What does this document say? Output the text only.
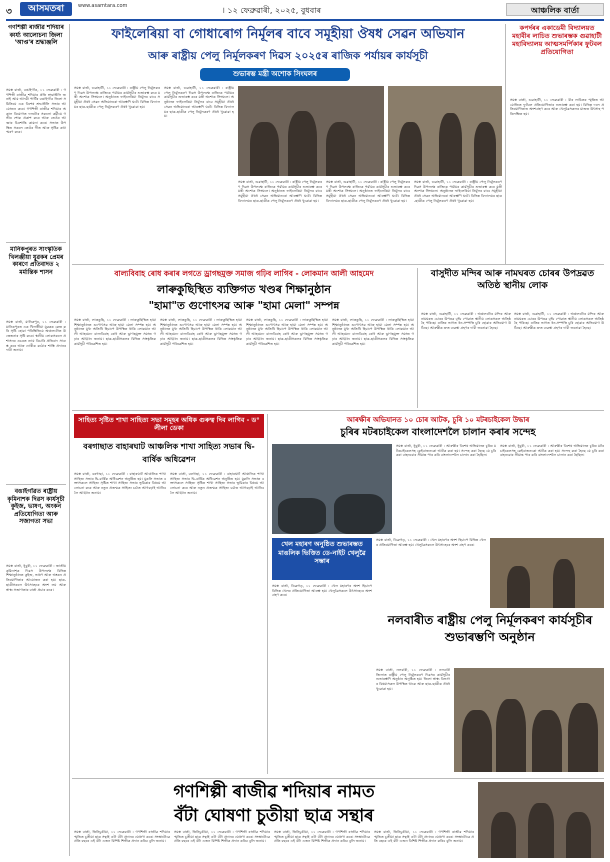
৩	আসমতৰা	www.asamtara.com	। ১২ ফেব্ৰুৱাৰী, ২০২৫, বুধবাৰ	আঞ্চলিক বাৰ্তা
গণশিল্পী ৰাজীৱ শদিয়াৰ কাৰ্য্য আলোচনা জিলা 'আপ্ত'ৰ শ্ৰদ্ধাঞ্জলি
সমস্ত বাৰ্তা, বঙাইগাঁও, ১১ ফেব্ৰুৱাৰী : গণশিল্পী ৰাজীৱ শদিয়াৰ প্ৰতি শ্ৰদ্ধাঞ্জলি জনাই আম আদমী পাৰ্টিৰ বঙাইগাঁও জিলা সমিতিয়ে এক বিশেষ শ্ৰদ্ধাঞ্জলি সভাৰ আয়োজন কৰে। গণশিল্পী ৰাজীৱ শদিয়াৰ অকাল বিয়োগত দলটোৰ সকলো কৰ্মীয়ে গভীৰ শোক প্ৰকাশ কৰে আৰু তেওঁৰ আত্মাৰ চিৰশান্তি কামনা কৰে। সভাত উপস্থিত সকলে তেওঁৰ গীত আৰু সৃষ্টিৰ কথা স্মৰণ কৰে।
মানিকপুৰত সাংস্কৃতিক খিলঞ্জীয়া যুৱকৰ প্ৰেমৰ কাৰণে প্ৰতিবাদত ২ মৰ্মান্তিক শাসন
সমস্ত বাৰ্তা, মানিকপুৰ, ১১ ফেব্ৰুৱাৰী : মানিকপুৰত এক খিলঞ্জীয়া যুৱকক কেন্দ্ৰ কৰি সৃষ্টি হোৱা পৰিস্থিতিয়ে অঞ্চলটোত উত্তেজনাৰ সৃষ্টি কৰে। স্থানীয় লোকসকলে প্ৰশাসনৰ ওচৰত ন্যায় বিচাৰি প্ৰতিবাদ সাব্যস্ত কৰে আৰু দোষীক কঠোৰ শাস্তি প্ৰদানৰ দাবী জনায়।
বঙাইগাঁৱত ৰাষ্ট্ৰীয় কৃমিনাশক দিৱস কাৰ্যসূচী কুইজ, ভাষণ, অংকন প্ৰতিযোগিতা আৰু সজাগতা সভা
সমস্ত বাৰ্তা, ধুবুৰী, ১১ ফেব্ৰুৱাৰী : জাতীয় কৃমিনাশক দিৱস উপলক্ষে বিভিন্ন শিক্ষানুষ্ঠানত কুইজ, ভাষণ আৰু অংকন প্ৰতিযোগিতাৰ আয়োজন কৰা হয়। ছাত্ৰ-ছাত্ৰীসকলে উৎসাহেৰে অংশ লয় আৰু স্বাস্থ্য সজাগতাৰ বাৰ্তা প্ৰচাৰ কৰে।
ফাইলেৰিয়া বা গোধাৰোগ নিৰ্মূলৰ বাবে সমূহীয়া ঔষধ সেৱন অভিযান
আৰু ৰাষ্ট্ৰীয় পেলু নিৰ্মূলকৰণ দিৱস ২০২৫ৰ ৰাজিক পৰ্যায়ৰ কাৰ্যসূচী
শুভাৰম্ভ মন্ত্ৰী অশোক সিংঘলৰ
সমস্ত বাৰ্তা, গুৱাহাটী, ১১ ফেব্ৰুৱাৰী : ৰাষ্ট্ৰীয় পেলু নিৰ্মূলকৰণ দিৱস উপলক্ষে ৰাজ্যিক পৰ্যায়ৰ কাৰ্যসূচীৰ শুভাৰম্ভ কৰে মন্ত্ৰী অশোক সিংঘলে। অনুষ্ঠানত ফাইলেৰিয়া নিৰ্মূলৰ বাবে সমূহীয়া ঔষধ সেৱন অভিযানৰো আৰম্ভণি ঘটে। বিভিন্ন বিদ্যালয়ৰ ছাত্ৰ-ছাত্ৰীক পেলু নিৰ্মূলকৰণ ঔষধ খুৱোৱা হয়।
সমস্ত বাৰ্তা, গুৱাহাটী, ১১ ফেব্ৰুৱাৰী : ৰাষ্ট্ৰীয় পেলু নিৰ্মূলকৰণ দিৱস উপলক্ষে ৰাজ্যিক পৰ্যায়ৰ কাৰ্যসূচীৰ শুভাৰম্ভ কৰে মন্ত্ৰী অশোক সিংঘলে। অনুষ্ঠানত ফাইলেৰিয়া নিৰ্মূলৰ বাবে সমূহীয়া ঔষধ সেৱন অভিযানৰো আৰম্ভণি ঘটে। বিভিন্ন বিদ্যালয়ৰ ছাত্ৰ-ছাত্ৰীক পেলু নিৰ্মূলকৰণ ঔষধ খুৱোৱা হয়।
সমস্ত বাৰ্তা, গুৱাহাটী, ১১ ফেব্ৰুৱাৰী : ৰাষ্ট্ৰীয় পেলু নিৰ্মূলকৰণ দিৱস উপলক্ষে ৰাজ্যিক পৰ্যায়ৰ কাৰ্যসূচীৰ শুভাৰম্ভ কৰে মন্ত্ৰী অশোক সিংঘলে। অনুষ্ঠানত ফাইলেৰিয়া নিৰ্মূলৰ বাবে সমূহীয়া ঔষধ সেৱন অভিযানৰো আৰম্ভণি ঘটে। বিভিন্ন বিদ্যালয়ৰ ছাত্ৰ-ছাত্ৰীক পেলু নিৰ্মূলকৰণ ঔষধ খুৱোৱা হয়।
সমস্ত বাৰ্তা, গুৱাহাটী, ১১ ফেব্ৰুৱাৰী : ৰাষ্ট্ৰীয় পেলু নিৰ্মূলকৰণ দিৱস উপলক্ষে ৰাজ্যিক পৰ্যায়ৰ কাৰ্যসূচীৰ শুভাৰম্ভ কৰে মন্ত্ৰী অশোক সিংঘলে। অনুষ্ঠানত ফাইলেৰিয়া নিৰ্মূলৰ বাবে সমূহীয়া ঔষধ সেৱন অভিযানৰো আৰম্ভণি ঘটে। বিভিন্ন বিদ্যালয়ৰ ছাত্ৰ-ছাত্ৰীক পেলু নিৰ্মূলকৰণ ঔষধ খুৱোৱা হয়।
সমস্ত বাৰ্তা, গুৱাহাটী, ১১ ফেব্ৰুৱাৰী : ৰাষ্ট্ৰীয় পেলু নিৰ্মূলকৰণ দিৱস উপলক্ষে ৰাজ্যিক পৰ্যায়ৰ কাৰ্যসূচীৰ শুভাৰম্ভ কৰে মন্ত্ৰী অশোক সিংঘলে। অনুষ্ঠানত ফাইলেৰিয়া নিৰ্মূলৰ বাবে সমূহীয়া ঔষধ সেৱন অভিযানৰো আৰম্ভণি ঘটে। বিভিন্ন বিদ্যালয়ৰ ছাত্ৰ-ছাত্ৰীক পেলু নিৰ্মূলকৰণ ঔষধ খুৱোৱা হয়।
কপৰ্দৰৰ একাডেমী বিদ্যালয়ত মহাবীৰ লাচিত শুভাৰম্ভক গুৱাহাটী মহাবিদ্যালয় আত্মসমৰ্পিকাৰ ফুটবল প্ৰতিযোগিতা
সমস্ত বাৰ্তা, গুৱাহাটী, ১১ ফেব্ৰুৱাৰী : বীৰ লাচিতৰ স্মৃতিত আয়োজিত ফুটবল প্ৰতিযোগিতাৰ শুভাৰম্ভ কৰা হয়। বিভিন্ন দলে প্ৰতিযোগিতাত অংশগ্ৰহণ কৰে আৰু খেলুৱৈসকলৰ মাজত উৎসাহ পৰিলক্ষিত হয়।
বাল্যবিবাহ ৰোধ কৰাৰ লগতে ড্ৰাগছমুক্ত সমাজ গঢ়িব লাগিব - লোকমান আলী আহমেদ
লাৰুকুছিস্থিত ব্যক্তিগত খণ্ডৰ শিক্ষানুষ্ঠান
"হামা"ত গুণোৎসৱ আৰু "হামা মেলা" সম্পন্ন
সমস্ত বাৰ্তা, লাৰুকুছি, ১১ ফেব্ৰুৱাৰী : লাৰুকুছিস্থিত হামা শিক্ষানুষ্ঠানত গুণোৎসৱ আৰু হামা মেলা সম্পন্ন হয়। অনুষ্ঠানত মুখ্য অতিথি হিচাপে উপস্থিত থাকি লোকমান আলী আহমেদে বাল্যবিবাহ ৰোধ আৰু ড্ৰাগছমুক্ত সমাজ গঢ়াৰ আহ্বান জনায়। ছাত্ৰ-ছাত্ৰীসকলৰ বিভিন্ন সাংস্কৃতিক কাৰ্যসূচী পৰিৱেশিত হয়।
সমস্ত বাৰ্তা, লাৰুকুছি, ১১ ফেব্ৰুৱাৰী : লাৰুকুছিস্থিত হামা শিক্ষানুষ্ঠানত গুণোৎসৱ আৰু হামা মেলা সম্পন্ন হয়। অনুষ্ঠানত মুখ্য অতিথি হিচাপে উপস্থিত থাকি লোকমান আলী আহমেদে বাল্যবিবাহ ৰোধ আৰু ড্ৰাগছমুক্ত সমাজ গঢ়াৰ আহ্বান জনায়। ছাত্ৰ-ছাত্ৰীসকলৰ বিভিন্ন সাংস্কৃতিক কাৰ্যসূচী পৰিৱেশিত হয়।
সমস্ত বাৰ্তা, লাৰুকুছি, ১১ ফেব্ৰুৱাৰী : লাৰুকুছিস্থিত হামা শিক্ষানুষ্ঠানত গুণোৎসৱ আৰু হামা মেলা সম্পন্ন হয়। অনুষ্ঠানত মুখ্য অতিথি হিচাপে উপস্থিত থাকি লোকমান আলী আহমেদে বাল্যবিবাহ ৰোধ আৰু ড্ৰাগছমুক্ত সমাজ গঢ়াৰ আহ্বান জনায়। ছাত্ৰ-ছাত্ৰীসকলৰ বিভিন্ন সাংস্কৃতিক কাৰ্যসূচী পৰিৱেশিত হয়।
সমস্ত বাৰ্তা, লাৰুকুছি, ১১ ফেব্ৰুৱাৰী : লাৰুকুছিস্থিত হামা শিক্ষানুষ্ঠানত গুণোৎসৱ আৰু হামা মেলা সম্পন্ন হয়। অনুষ্ঠানত মুখ্য অতিথি হিচাপে উপস্থিত থাকি লোকমান আলী আহমেদে বাল্যবিবাহ ৰোধ আৰু ড্ৰাগছমুক্ত সমাজ গঢ়াৰ আহ্বান জনায়। ছাত্ৰ-ছাত্ৰীসকলৰ বিভিন্ন সাংস্কৃতিক কাৰ্যসূচী পৰিৱেশিত হয়।
বাসুদীত মন্দিৰ আৰু নামঘৰত চোৰৰ উপদ্ৰৱত অতিষ্ঠ স্থানীয় লোক
সমস্ত বাৰ্তা, গুৱাহাটী, ১১ ফেব্ৰুৱাৰী : অঞ্চলটোৰ মন্দিৰ আৰু নামঘৰত চোৰৰ উপদ্ৰৱ বৃদ্ধি পোৱাত স্থানীয় লোকসকল অতিষ্ঠ হৈ পৰিছে। ৰাতিৰ ভাগত ধন-সম্পত্তি চুৰি হোৱাৰ অভিযোগ উঠিছে। আৰক্ষীক দ্ৰুত ব্যৱস্থা গ্ৰহণৰ দাবী জনোৱা হৈছে।
সমস্ত বাৰ্তা, গুৱাহাটী, ১১ ফেব্ৰুৱাৰী : অঞ্চলটোৰ মন্দিৰ আৰু নামঘৰত চোৰৰ উপদ্ৰৱ বৃদ্ধি পোৱাত স্থানীয় লোকসকল অতিষ্ঠ হৈ পৰিছে। ৰাতিৰ ভাগত ধন-সম্পত্তি চুৰি হোৱাৰ অভিযোগ উঠিছে। আৰক্ষীক দ্ৰুত ব্যৱস্থা গ্ৰহণৰ দাবী জনোৱা হৈছে।
সাহিত্য সৃষ্টিত শাখা সাহিত্য সভা সমূহৰ অধিক গুৰুত্ব দিব লাগিব - ড° লীলা ডেকা
বৰগাছাত বাহাৰঘাট আঞ্চলিক শাখা সাহিত্য সভাৰ দ্বি-বাৰ্ষিক অধিৱেশন
সমস্ত বাৰ্তা, বৰগাছা, ১১ ফেব্ৰুৱাৰী : বাহাৰঘাট আঞ্চলিক শাখা সাহিত্য সভাৰ দ্বি-বাৰ্ষিক অধিৱেশন অনুষ্ঠিত হয়। মুকলি সভাত বক্তাসকলে সাহিত্য সৃষ্টিত শাখা সাহিত্য সভাৰ ভূমিকাৰ বিষয়ে আলোচনা কৰে আৰু নতুন প্ৰজন্মক সাহিত্য চৰ্চাত আগবঢ়াই আনিবলৈ আহ্বান জনায়।
সমস্ত বাৰ্তা, বৰগাছা, ১১ ফেব্ৰুৱাৰী : বাহাৰঘাট আঞ্চলিক শাখা সাহিত্য সভাৰ দ্বি-বাৰ্ষিক অধিৱেশন অনুষ্ঠিত হয়। মুকলি সভাত বক্তাসকলে সাহিত্য সৃষ্টিত শাখা সাহিত্য সভাৰ ভূমিকাৰ বিষয়ে আলোচনা কৰে আৰু নতুন প্ৰজন্মক সাহিত্য চৰ্চাত আগবঢ়াই আনিবলৈ আহ্বান জনায়।
আৰক্ষীৰ অভিযানত ১০ চোৰ আটক, চুৰি ১০ মটৰচাইকেল উদ্ধাৰ
চুৰিৰ মটৰচাইকেল বাংলাদেশলৈ চালান কৰাৰ সন্দেহ
সমস্ত বাৰ্তা, ধুবুৰী, ১১ ফেব্ৰুৱাৰী : আৰক্ষীৰ বিশেষ অভিযানত চুৰিৰ মটৰচাইকেলসহ কেইবাজনকো আটক কৰা হয়। সন্দেহ কৰা হৈছে যে চুৰি কৰা বাহনবোৰ সীমান্ত পাৰ কৰি বাংলাদেশলৈ চালান কৰা হৈছিল।
সমস্ত বাৰ্তা, ধুবুৰী, ১১ ফেব্ৰুৱাৰী : আৰক্ষীৰ বিশেষ অভিযানত চুৰিৰ মটৰচাইকেলসহ কেইবাজনকো আটক কৰা হয়। সন্দেহ কৰা হৈছে যে চুৰি কৰা বাহনবোৰ সীমান্ত পাৰ কৰি বাংলাদেশলৈ চালান কৰা হৈছিল।
খেল মহাৰণ অনুষ্ঠিত শুভাৰম্ভত মাঙলিক ভিত্তিত ডে-নাইট খেলুৱৈ সম্ভাৰ
সমস্ত বাৰ্তা, ডিব্ৰুগড়, ১১ ফেব্ৰুৱাৰী : খেল মহাৰণৰ অংশ হিচাপে বিভিন্ন খেলৰ প্ৰতিযোগিতা আৰম্ভ হয়। খেলুৱৈসকলে উৎসাহেৰে অংশ গ্ৰহণ কৰে।
সমস্ত বাৰ্তা, ডিব্ৰুগড়, ১১ ফেব্ৰুৱাৰী : খেল মহাৰণৰ অংশ হিচাপে বিভিন্ন খেলৰ প্ৰতিযোগিতা আৰম্ভ হয়। খেলুৱৈসকলে উৎসাহেৰে অংশ গ্ৰহণ কৰে।
নলবাৰীত ৰাষ্ট্ৰীয় পেলু নিৰ্মূলকৰণ কাৰ্যসূচীৰ শুভাৰম্ভণি অনুষ্ঠান
সমস্ত বাৰ্তা, নলবাৰী, ১১ ফেব্ৰুৱাৰী : নলবাৰী জিলাত ৰাষ্ট্ৰীয় পেলু নিৰ্মূলকৰণ দিৱসৰ কাৰ্যসূচীৰ শুভাৰম্ভণি অনুষ্ঠান অনুষ্ঠিত হয়। জিলা স্বাস্থ্য বিভাগৰ বিষয়াসকল উপস্থিত থাকে আৰু ছাত্ৰ-ছাত্ৰীক ঔষধ খুৱোৱা হয়।
গণশিল্পী ৰাজীৱ শদিয়াৰ নামত
বঁটা ঘোষণা চুতীয়া ছাত্ৰ সন্থাৰ
সমস্ত বাৰ্তা, তিনিচুকীয়া, ১১ ফেব্ৰুৱাৰী : গণশিল্পী ৰাজীৱ শদিয়াৰ স্মৃতিত চুতীয়া ছাত্ৰ সন্থাই এটা বঁটা প্ৰদানৰ ঘোষণা কৰে। সংস্থাটোৱে প্ৰতি বছৰে এই বঁটা এজন বিশিষ্ট শিল্পীক প্ৰদান কৰিব বুলি জনায়।
সমস্ত বাৰ্তা, তিনিচুকীয়া, ১১ ফেব্ৰুৱাৰী : গণশিল্পী ৰাজীৱ শদিয়াৰ স্মৃতিত চুতীয়া ছাত্ৰ সন্থাই এটা বঁটা প্ৰদানৰ ঘোষণা কৰে। সংস্থাটোৱে প্ৰতি বছৰে এই বঁটা এজন বিশিষ্ট শিল্পীক প্ৰদান কৰিব বুলি জনায়।
সমস্ত বাৰ্তা, তিনিচুকীয়া, ১১ ফেব্ৰুৱাৰী : গণশিল্পী ৰাজীৱ শদিয়াৰ স্মৃতিত চুতীয়া ছাত্ৰ সন্থাই এটা বঁটা প্ৰদানৰ ঘোষণা কৰে। সংস্থাটোৱে প্ৰতি বছৰে এই বঁটা এজন বিশিষ্ট শিল্পীক প্ৰদান কৰিব বুলি জনায়।
সমস্ত বাৰ্তা, তিনিচুকীয়া, ১১ ফেব্ৰুৱাৰী : গণশিল্পী ৰাজীৱ শদিয়াৰ স্মৃতিত চুতীয়া ছাত্ৰ সন্থাই এটা বঁটা প্ৰদানৰ ঘোষণা কৰে। সংস্থাটোৱে প্ৰতি বছৰে এই বঁটা এজন বিশিষ্ট শিল্পীক প্ৰদান কৰিব বুলি জনায়।
